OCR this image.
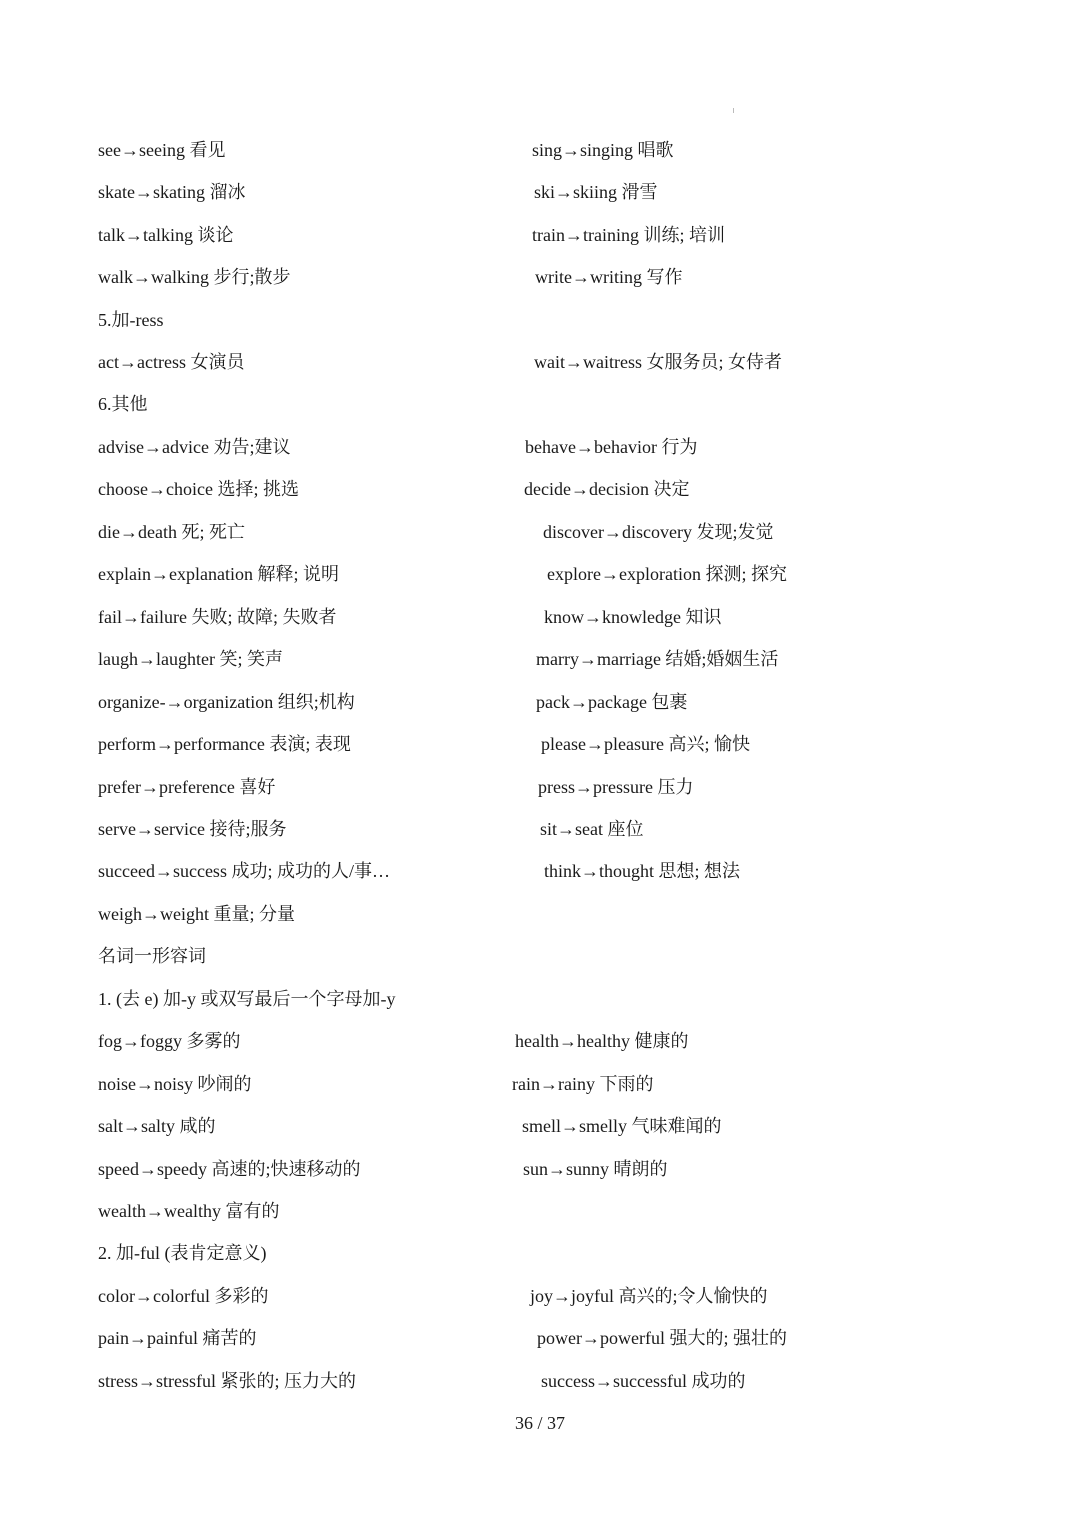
see→seeing 看见	sing→singing 唱歌
skate→skating 溜冰	ski→skiing 滑雪
talk→talking 谈论	train→training 训练; 培训
walk→walking 步行;散步	write→writing 写作
5.加-ress
act→actress 女演员	wait→waitress 女服务员; 女侍者
6.其他
advise→advice 劝告;建议	behave→behavior 行为
choose→choice 选择; 挑选	decide→decision 决定
die→death 死; 死亡	discover→discovery 发现;发觉
explain→explanation 解释; 说明	explore→exploration 探测; 探究
fail→failure 失败; 故障; 失败者	know→knowledge 知识
laugh→laughter 笑; 笑声	marry→marriage 结婚;婚姻生活
organize-→organization 组织;机构	pack→package 包裹
perform→performance 表演; 表现	please→pleasure 高兴; 愉快
prefer→preference 喜好	press→pressure 压力
serve→service 接待;服务	sit→seat 座位
succeed→success 成功; 成功的人/事…	think→thought 思想; 想法
weigh→weight 重量; 分量
名词一形容词
1. (去 e) 加-y 或双写最后一个字母加-y
fog→foggy 多雾的	health→healthy 健康的
noise→noisy 吵闹的	rain→rainy 下雨的
salt→salty 咸的	smell→smelly 气味难闻的
speed→speedy 高速的;快速移动的	sun→sunny 晴朗的
wealth→wealthy 富有的
2. 加-ful (表肯定意义)
color→colorful 多彩的	joy→joyful 高兴的;令人愉快的
pain→painful 痛苦的	power→powerful 强大的; 强壮的
stress→stressful 紧张的; 压力大的	success→successful 成功的
36 / 37
